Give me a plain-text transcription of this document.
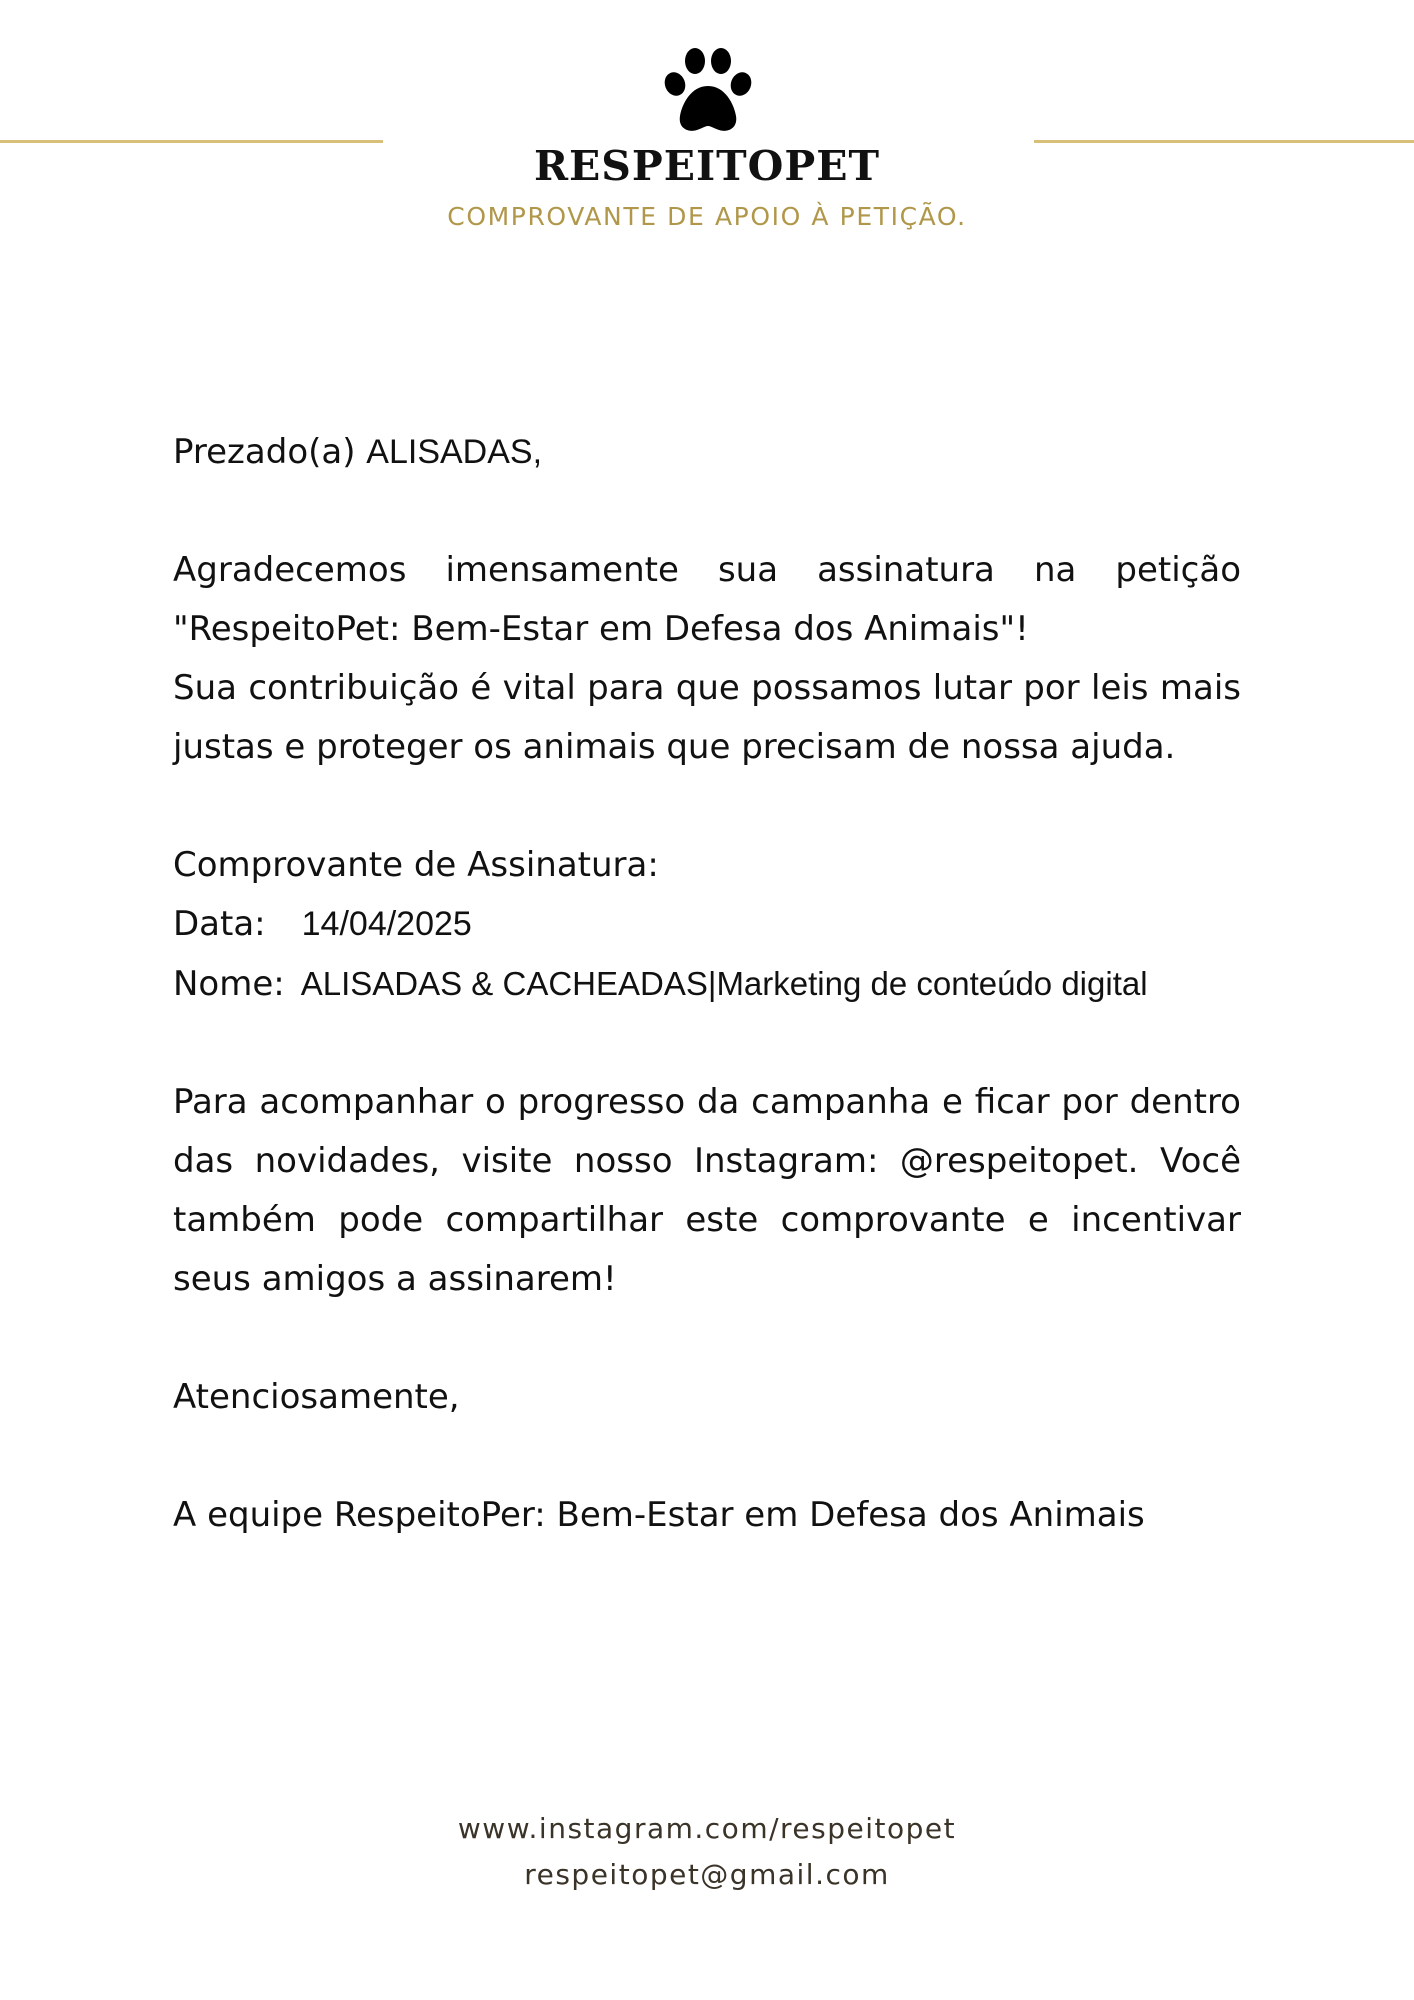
RESPEITOPET
COMPROVANTE DE APOIO À PETIÇÃO.

Prezado(a) ALISADAS,

Agradecemos imensamente sua assinatura na petição "RespeitoPet: Bem-Estar em Defesa dos Animais"!

Sua contribuição é vital para que possamos lutar por leis mais justas e proteger os animais que precisam de nossa ajuda.

Comprovante de Assinatura:

Data: 14/04/2025
Nome: ALISADAS & CACHEADAS|Marketing de conteúdo digital

Para acompanhar o progresso da campanha e ficar por dentro das novidades, visite nosso Instagram: @respeitopet. Você também pode compartilhar este comprovante e incentivar seus amigos a assinarem!

Atenciosamente,

A equipe RespeitoPer: Bem-Estar em Defesa dos Animais

www.instagram.com/respeitopet
respeitopet@gmail.com
